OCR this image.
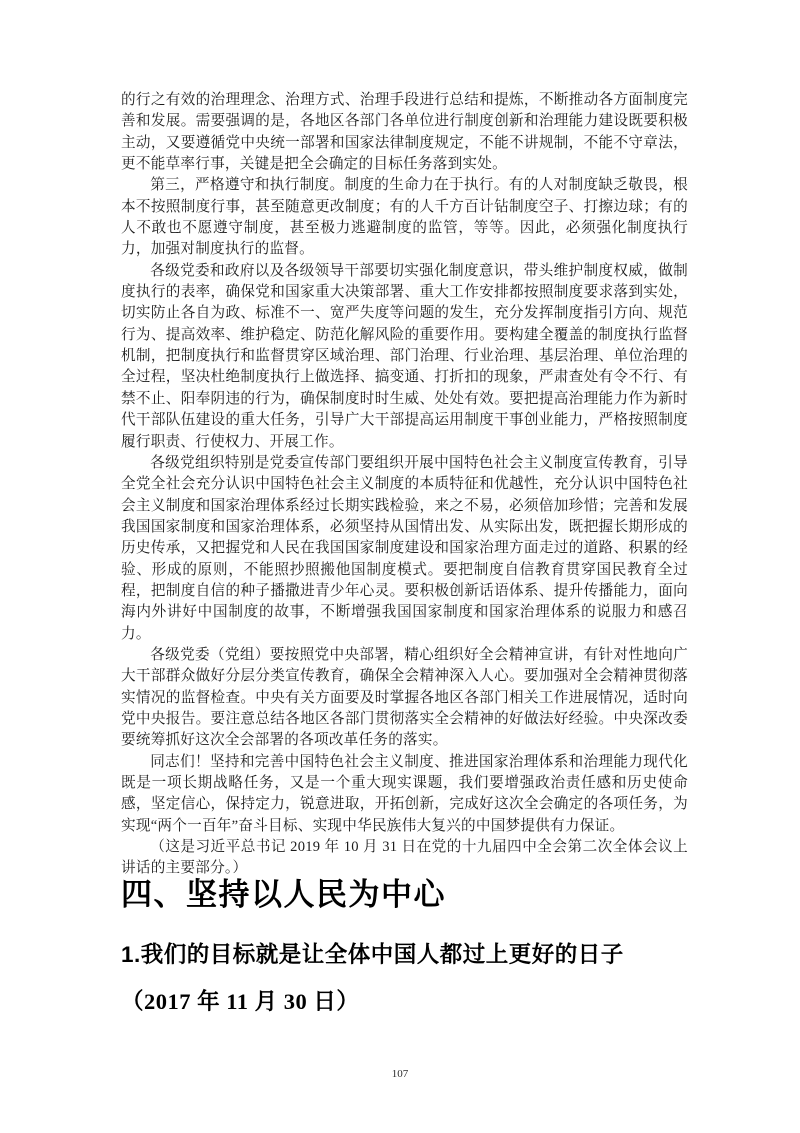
的行之有效的治理理念、治理方式、治理手段进行总结和提炼，不断推动各方面制度完善和发展。需要强调的是，各地区各部门各单位进行制度创新和治理能力建设既要积极主动，又要遵循党中央统一部署和国家法律制度规定，不能不讲规制，不能不守章法，更不能草率行事，关键是把全会确定的目标任务落到实处。

第三，严格遵守和执行制度。制度的生命力在于执行。有的人对制度缺乏敬畏，根本不按照制度行事，甚至随意更改制度；有的人千方百计钻制度空子、打擦边球；有的人不敢也不愿遵守制度，甚至极力逃避制度的监管，等等。因此，必须强化制度执行力，加强对制度执行的监督。

各级党委和政府以及各级领导干部要切实强化制度意识，带头维护制度权威，做制度执行的表率，确保党和国家重大决策部署、重大工作安排都按照制度要求落到实处，切实防止各自为政、标准不一、宽严失度等问题的发生，充分发挥制度指引方向、规范行为、提高效率、维护稳定、防范化解风险的重要作用。要构建全覆盖的制度执行监督机制，把制度执行和监督贯穿区域治理、部门治理、行业治理、基层治理、单位治理的全过程，坚决杜绝制度执行上做选择、搞变通、打折扣的现象，严肃查处有令不行、有禁不止、阳奉阴违的行为，确保制度时时生威、处处有效。要把提高治理能力作为新时代干部队伍建设的重大任务，引导广大干部提高运用制度干事创业能力，严格按照制度履行职责、行使权力、开展工作。

各级党组织特别是党委宣传部门要组织开展中国特色社会主义制度宣传教育，引导全党全社会充分认识中国特色社会主义制度的本质特征和优越性，充分认识中国特色社会主义制度和国家治理体系经过长期实践检验，来之不易，必须倍加珍惜；完善和发展我国国家制度和国家治理体系，必须坚持从国情出发、从实际出发，既把握长期形成的历史传承，又把握党和人民在我国国家制度建设和国家治理方面走过的道路、积累的经验、形成的原则，不能照抄照搬他国制度模式。要把制度自信教育贯穿国民教育全过程，把制度自信的种子播撒进青少年心灵。要积极创新话语体系、提升传播能力，面向海内外讲好中国制度的故事，不断增强我国国家制度和国家治理体系的说服力和感召力。

各级党委（党组）要按照党中央部署，精心组织好全会精神宣讲，有针对性地向广大干部群众做好分层分类宣传教育，确保全会精神深入人心。要加强对全会精神贯彻落实情况的监督检查。中央有关方面要及时掌握各地区各部门相关工作进展情况，适时向党中央报告。要注意总结各地区各部门贯彻落实全会精神的好做法好经验。中央深改委要统筹抓好这次全会部署的各项改革任务的落实。

同志们！坚持和完善中国特色社会主义制度、推进国家治理体系和治理能力现代化既是一项长期战略任务，又是一个重大现实课题，我们要增强政治责任感和历史使命感，坚定信心，保持定力，锐意进取，开拓创新，完成好这次全会确定的各项任务，为实现“两个一百年”奋斗目标、实现中华民族伟大复兴的中国梦提供有力保证。

（这是习近平总书记 2019 年 10 月 31 日在党的十九届四中全会第二次全体会议上讲话的主要部分。）

四、坚持以人民为中心
1.我们的目标就是让全体中国人都过上更好的日子
（2017 年 11 月 30 日）
107
